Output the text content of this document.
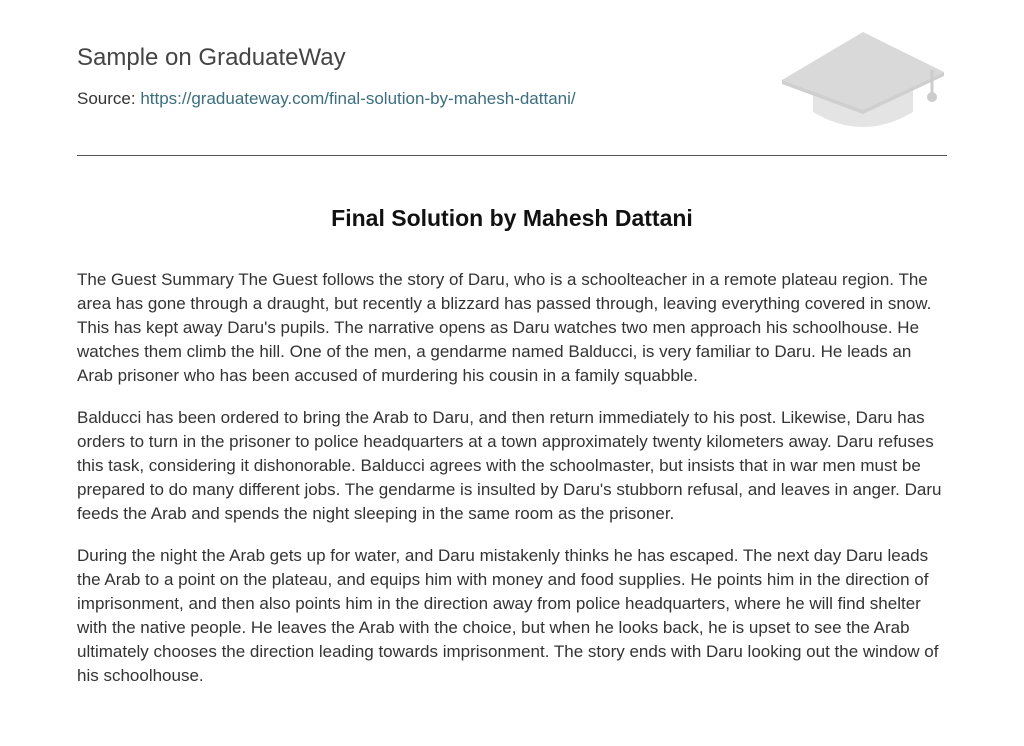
Sample on GraduateWay
Source: https://graduateway.com/final-solution-by-mahesh-dattani/
Final Solution by Mahesh Dattani

The Guest Summary The Guest follows the story of Daru, who is a schoolteacher in a remote plateau region. The area has gone through a draught, but recently a blizzard has passed through, leaving everything covered in snow. This has kept away Daru's pupils. The narrative opens as Daru watches two men approach his schoolhouse. He watches them climb the hill. One of the men, a gendarme named Balducci, is very familiar to Daru. He leads an Arab prisoner who has been accused of murdering his cousin in a family squabble.

Balducci has been ordered to bring the Arab to Daru, and then return immediately to his post. Likewise, Daru has orders to turn in the prisoner to police headquarters at a town approximately twenty kilometers away. Daru refuses this task, considering it dishonorable. Balducci agrees with the schoolmaster, but insists that in war men must be prepared to do many different jobs. The gendarme is insulted by Daru's stubborn refusal, and leaves in anger. Daru feeds the Arab and spends the night sleeping in the same room as the prisoner.

During the night the Arab gets up for water, and Daru mistakenly thinks he has escaped. The next day Daru leads the Arab to a point on the plateau, and equips him with money and food supplies. He points him in the direction of imprisonment, and then also points him in the direction away from police headquarters, where he will find shelter with the native people. He leaves the Arab with the choice, but when he looks back, he is upset to see the Arab ultimately chooses the direction leading towards imprisonment. The story ends with Daru looking out the window of his schoolhouse.
